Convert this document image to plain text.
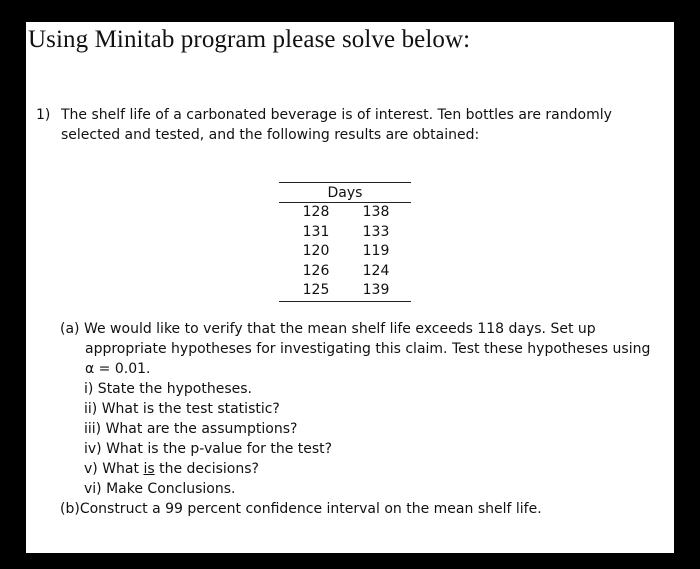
Using Minitab program please solve below:
1) The shelf life of a carbonated beverage is of interest. Ten bottles are randomly
selected and tested, and the following results are obtained:
Days
128	138
131	133
120	119
126	124
125	139
(a) We would like to verify that the mean shelf life exceeds 118 days. Set up
appropriate hypotheses for investigating this claim. Test these hypotheses using
α = 0.01.
i) State the hypotheses.
ii) What is the test statistic?
iii) What are the assumptions?
iv) What is the p-value for the test?
v) What is the decisions?
vi) Make Conclusions.
(b)Construct a 99 percent confidence interval on the mean shelf life.
